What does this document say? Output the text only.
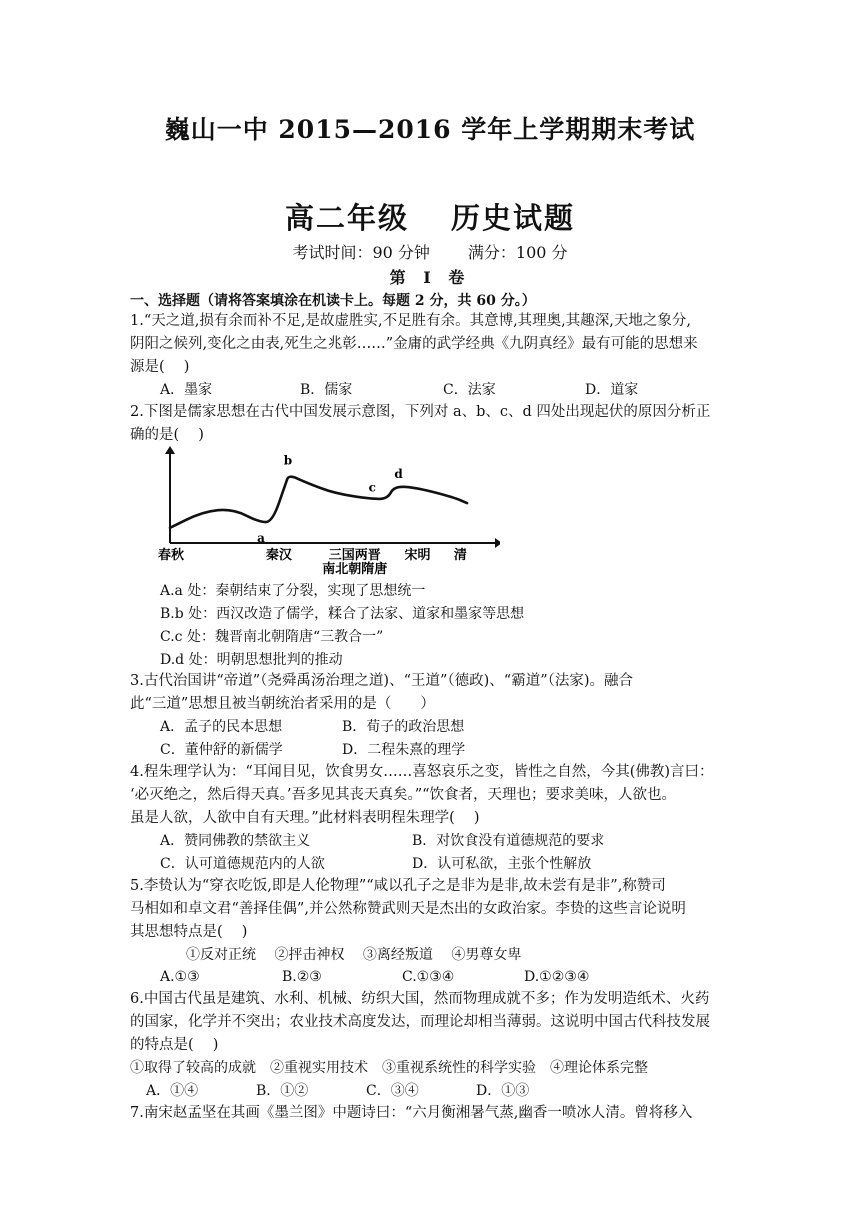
巍山一中 2015—2016 学年上学期期末考试
高二年级 历史试题
考试时间：90 分钟 满分：100 分
第 Ⅰ 卷
一、选择题（请将答案填涂在机读卡上。每题 2 分，共 60 分。）
1.“天之道,损有余而补不足,是故虚胜实,不足胜有余。其意博,其理奥,其趣深,天地之象分,
阴阳之候列,变化之由表,死生之兆彰……”金庸的武学经典《九阴真经》最有可能的思想来
源是(　 )
A．墨家	B．儒家	C．法家	D．道家
2.下图是儒家思想在古代中国发展示意图，下列对 a、b、c、d 四处出现起伏的原因分析正
确的是(　 )
春秋	秦汉	三国两晋
南北朝隋唐
宋明 清
a
b
c
d
A.a 处：秦朝结束了分裂，实现了思想统一
B.b 处：西汉改造了儒学，糅合了法家、道家和墨家等思想
C.c 处：魏晋南北朝隋唐“三教合一”
D.d 处：明朝思想批判的推动
3.古代治国讲“帝道”（尧舜禹汤治理之道)、“王道”（德政)、“霸道”（法家)。融合
此“三道”思想且被当朝统治者采用的是（　　）
A．孟子的民本思想	B．荀子的政治思想
C．董仲舒的新儒学	D．二程朱熹的理学
4.程朱理学认为：“耳闻目见，饮食男女……喜怒哀乐之变，皆性之自然，今其(佛教)言曰：
‘必灭绝之，然后得天真。’吾多见其丧天真矣。”“饮食者，天理也；要求美味，人欲也。
虽是人欲，人欲中自有天理。”此材料表明程朱理学(　 )
A．赞同佛教的禁欲主义	B．对饮食没有道德规范的要求
C．认可道德规范内的人欲	D．认可私欲，主张个性解放
5.李贽认为“穿衣吃饭,即是人伦物理”“咸以孔子之是非为是非,故未尝有是非”,称赞司
马相如和卓文君“善择佳偶”,并公然称赞武则天是杰出的女政治家。李贽的这些言论说明
其思想特点是(　 )
①反对正统　 ②抨击神权　 ③离经叛道　 ④男尊女卑
A.①③	B.②③	C.①③④	D.①②③④
6.中国古代虽是建筑、水利、机械、纺织大国，然而物理成就不多；作为发明造纸术、火药
的国家，化学并不突出；农业技术高度发达，而理论却相当薄弱。这说明中国古代科技发展
的特点是(　 )
①取得了较高的成就　②重视实用技术　③重视系统性的科学实验　④理论体系完整
A．①④	B．①②	C．③④	D．①③
7.南宋赵孟坚在其画《墨兰图》中题诗曰：“六月衡湘暑气蒸,幽香一喷冰人清。曾将移入
